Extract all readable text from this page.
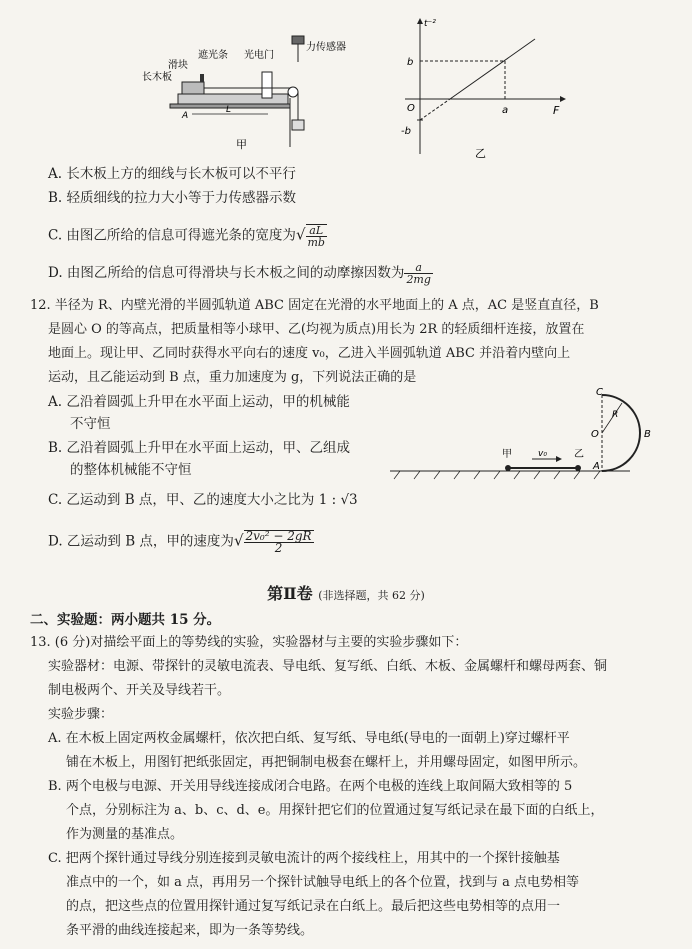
A
L
滑块
长木板
遮光条 光电门
力传感器
甲
t⁻²
F
O
b
-b
a
乙
A. 长木板上方的细线与长木板可以不平行
B. 轻质细线的拉力大小等于力传感器示数
C. 由图乙所给的信息可得遮光条的宽度为√ $\frac{aL}{mb}$
D. 由图乙所给的信息可得滑块与长木板之间的动摩擦因数为 $\frac{a}{2mg}$
12. 半径为 R、内壁光滑的半圆弧轨道 ABC 固定在光滑的水平地面上的 A 点，AC 是竖直直径，B
是圆心 O 的等高点，把质量相等小球甲、乙(均视为质点)用长为 2R 的轻质细杆连接，放置在
地面上。现让甲、乙同时获得水平向右的速度 v₀，乙进入半圆弧轨道 ABC 并沿着内壁向上
运动，且乙能运动到 B 点，重力加速度为 g，下列说法正确的是
A. 乙沿着圆弧上升甲在水平面上运动，甲的机械能
不守恒
B. 乙沿着圆弧上升甲在水平面上运动，甲、乙组成
的整体机械能不守恒
C. 乙运动到 B 点，甲、乙的速度大小之比为 1 : √3
D. 乙运动到 B 点，甲的速度为√ $\frac{\text{2v₀² − 2gR}}{2}$
甲	乙
v₀
A
B
C
O
R
第Ⅱ卷 (非选择题，共 62 分)
二、实验题：两小题共 15 分。
13. (6 分)对描绘平面上的等势线的实验，实验器材与主要的实验步骤如下：
实验器材：电源、带探针的灵敏电流表、导电纸、复写纸、白纸、木板、金属螺杆和螺母两套、铜
制电极两个、开关及导线若干。
实验步骤：
A. 在木板上固定两枚金属螺杆，依次把白纸、复写纸、导电纸(导电的一面朝上)穿过螺杆平
铺在木板上，用图钉把纸张固定，再把铜制电极套在螺杆上，并用螺母固定，如图甲所示。
B. 两个电极与电源、开关用导线连接成闭合电路。在两个电极的连线上取间隔大致相等的 5
个点，分别标注为 a、b、c、d、e。用探针把它们的位置通过复写纸记录在最下面的白纸上，
作为测量的基准点。
C. 把两个探针通过导线分别连接到灵敏电流计的两个接线柱上，用其中的一个探针接触基
准点中的一个，如 a 点，再用另一个探针试触导电纸上的各个位置，找到与 a 点电势相等
的点，把这些点的位置用探针通过复写纸记录在白纸上。最后把这些电势相等的点用一
条平滑的曲线连接起来，即为一条等势线。
